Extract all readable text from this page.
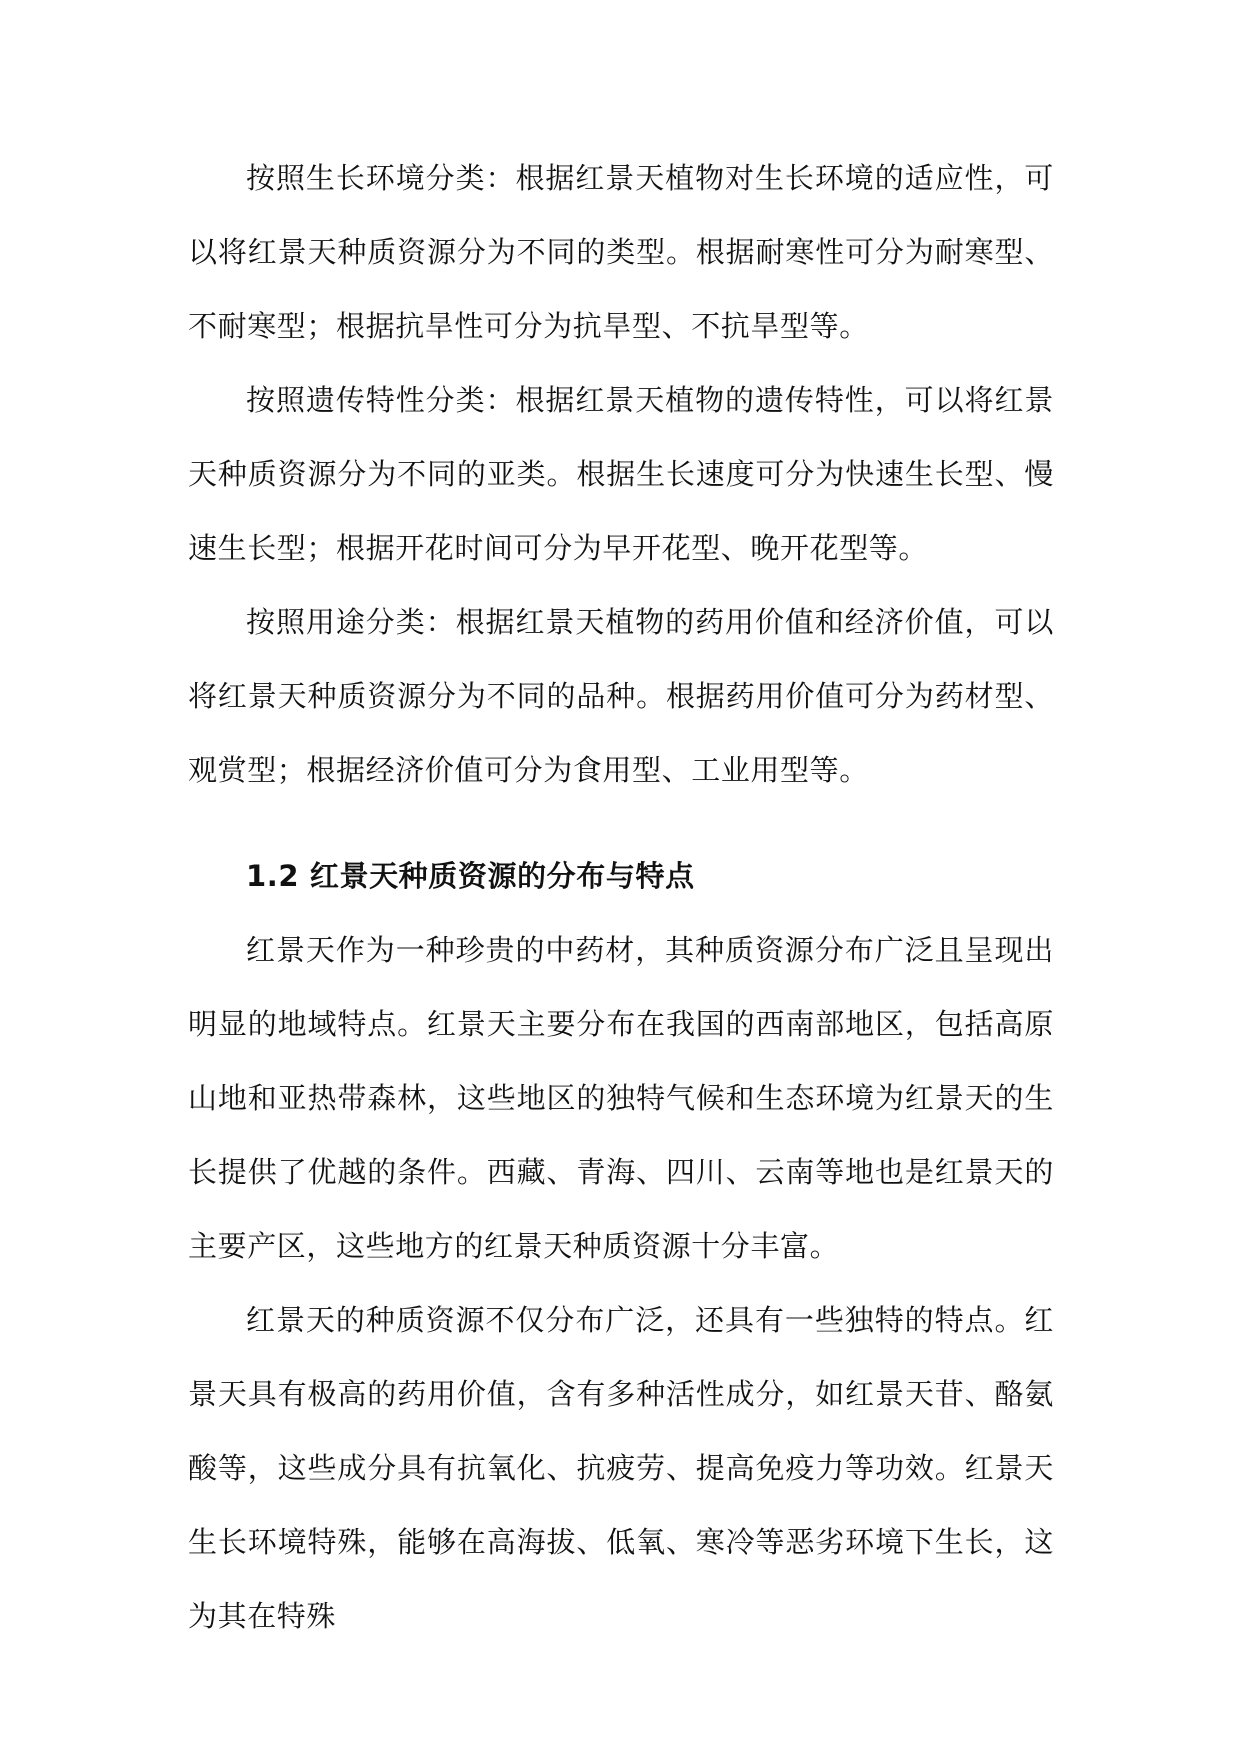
按照生长环境分类：根据红景天植物对生长环境的适应性，可以将红景天种质资源分为不同的类型。根据耐寒性可分为耐寒型、不耐寒型；根据抗旱性可分为抗旱型、不抗旱型等。

按照遗传特性分类：根据红景天植物的遗传特性，可以将红景天种质资源分为不同的亚类。根据生长速度可分为快速生长型、慢速生长型；根据开花时间可分为早开花型、晚开花型等。

按照用途分类：根据红景天植物的药用价值和经济价值，可以将红景天种质资源分为不同的品种。根据药用价值可分为药材型、观赏型；根据经济价值可分为食用型、工业用型等。

1.2 红景天种质资源的分布与特点

红景天作为一种珍贵的中药材，其种质资源分布广泛且呈现出明显的地域特点。红景天主要分布在我国的西南部地区，包括高原山地和亚热带森林，这些地区的独特气候和生态环境为红景天的生长提供了优越的条件。西藏、青海、四川、云南等地也是红景天的主要产区，这些地方的红景天种质资源十分丰富。

红景天的种质资源不仅分布广泛，还具有一些独特的特点。红景天具有极高的药用价值，含有多种活性成分，如红景天苷、酪氨酸等，这些成分具有抗氧化、抗疲劳、提高免疫力等功效。红景天生长环境特殊，能够在高海拔、低氧、寒冷等恶劣环境下生长，这为其在特殊
